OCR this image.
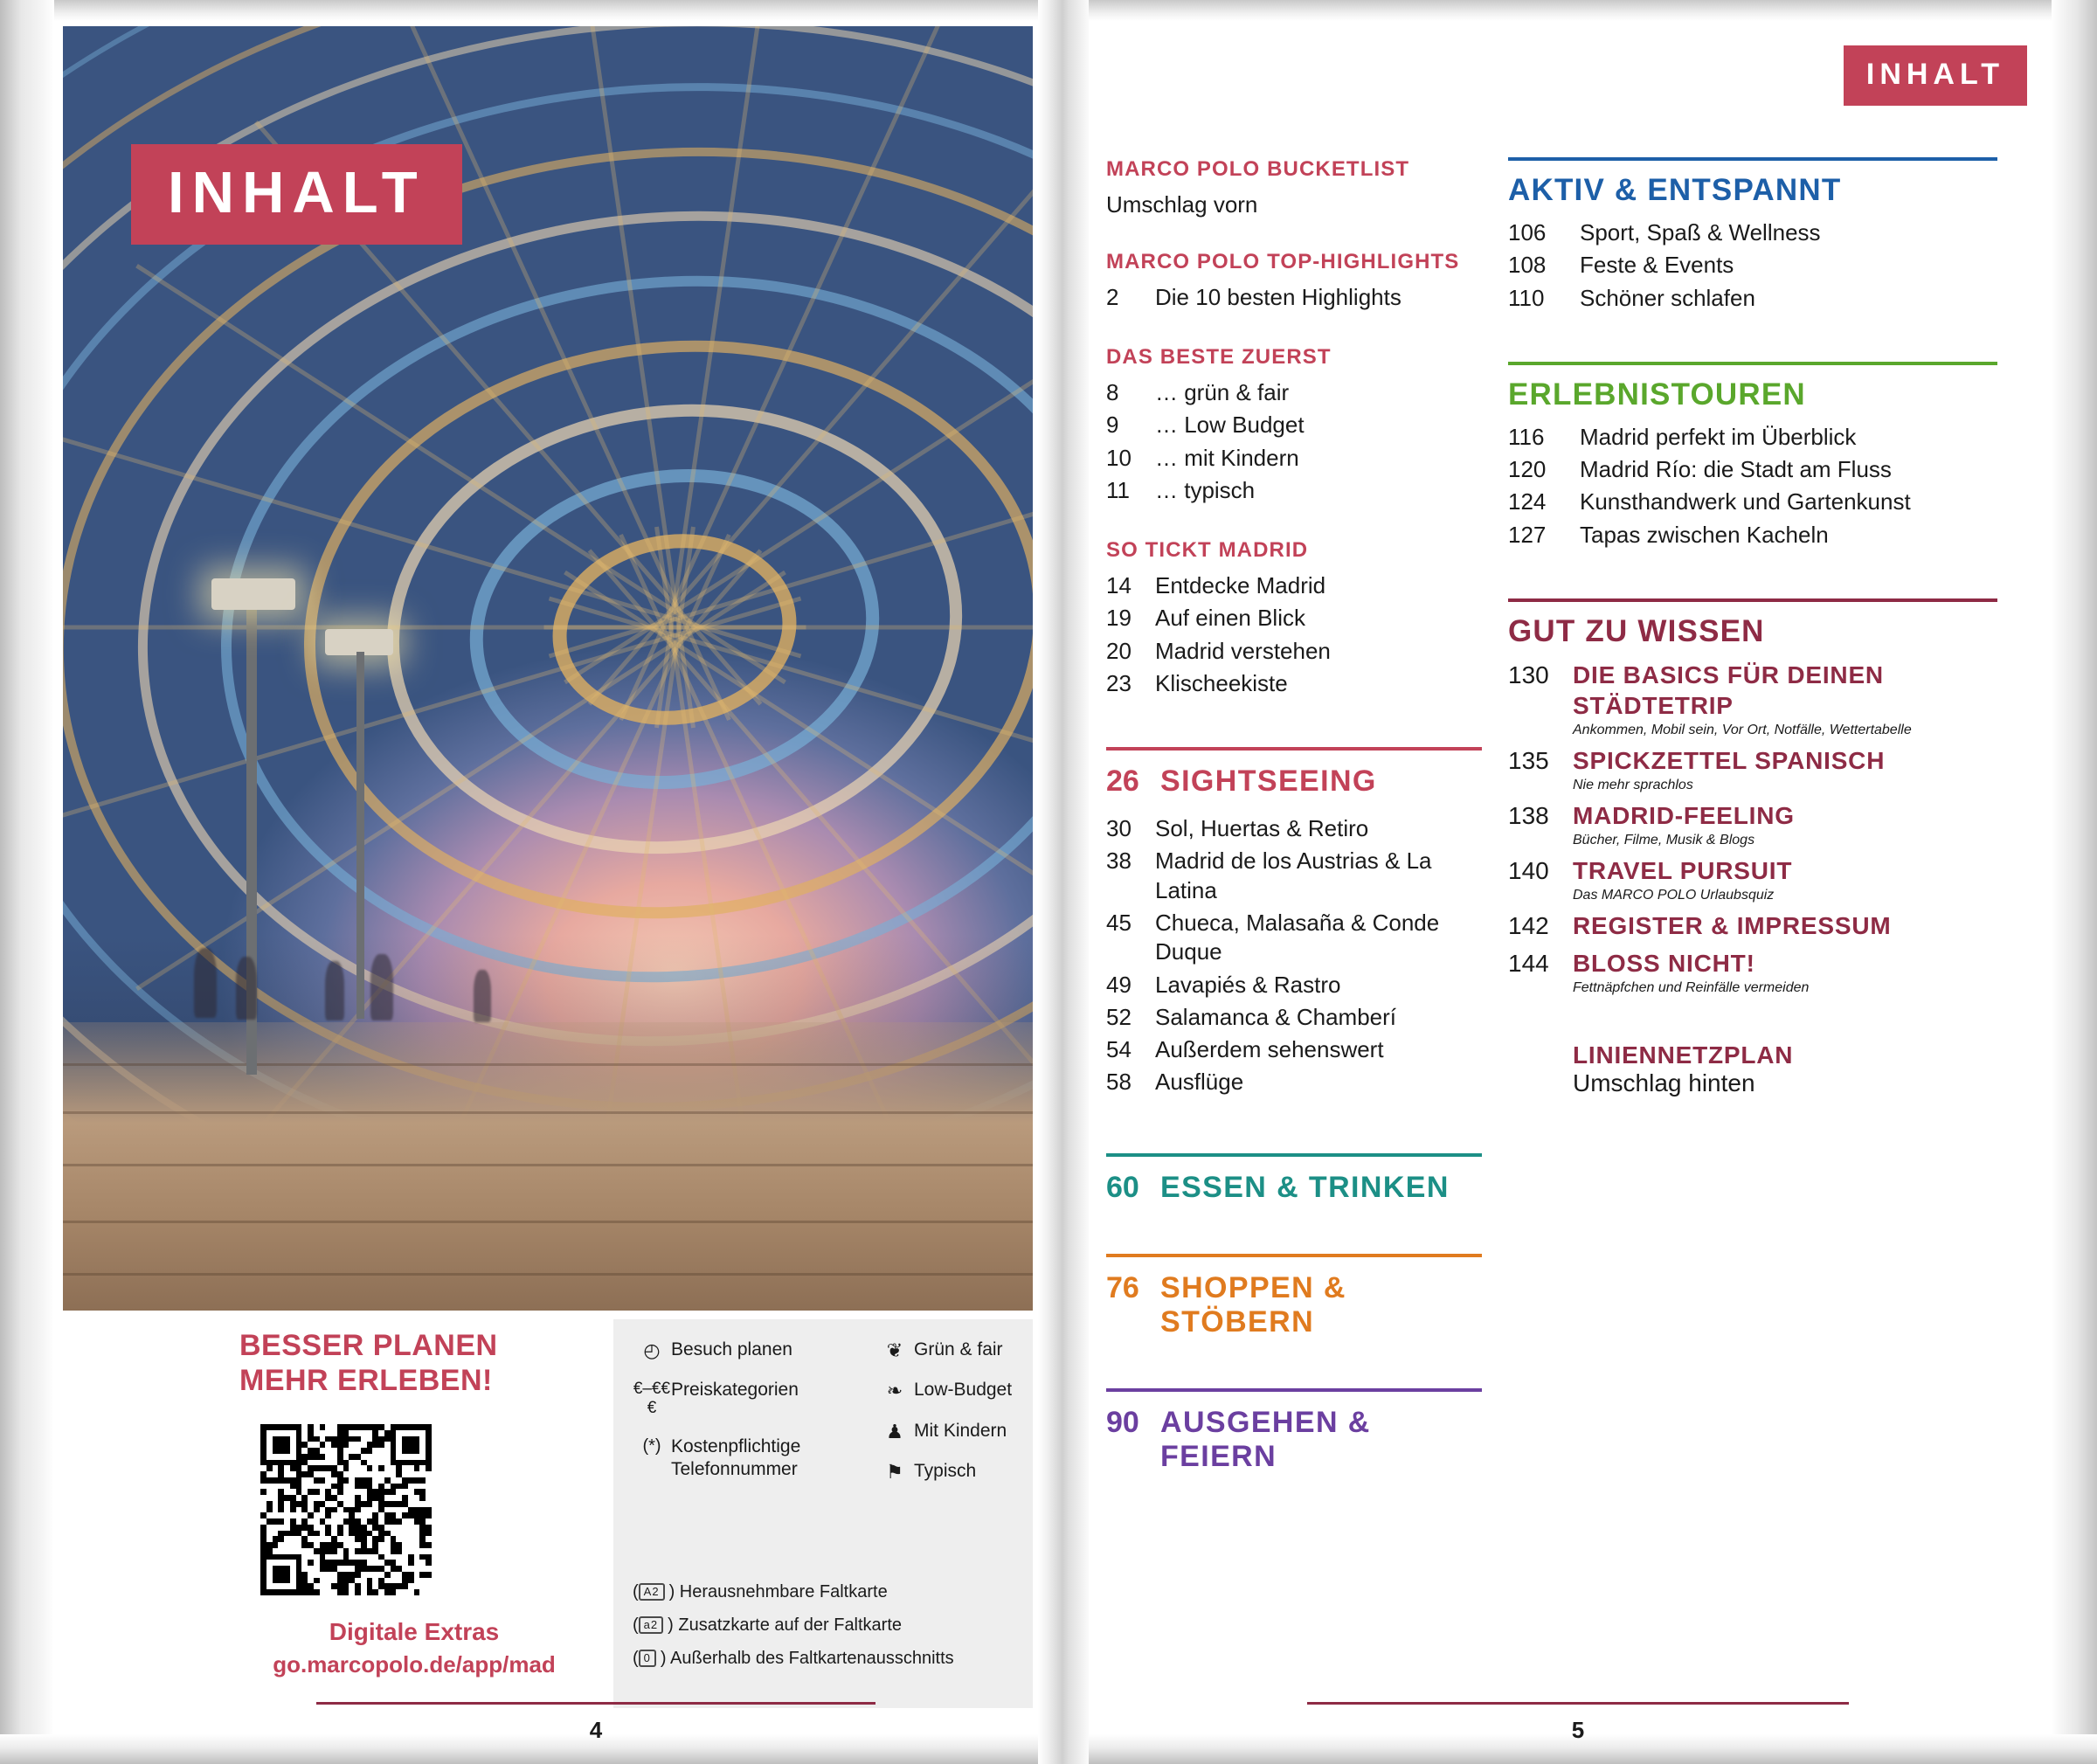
INHALT
BESSER PLANEN
MEHR ERLEBEN!
Digitale Extras
go.marcopolo.de/app/mad
◴ Besuch planen
€–€€€
Preiskategorien
(*) Kostenpflichtige Telefonnummer
❦ Grün & fair
❧ Low-Budget
♟ Mit Kindern
⚑ Typisch
( A2 ) Herausnehmbare Faltkarte
( a2 ) Zusatzkarte auf der Faltkarte
( 0 ) Außerhalb des Faltkartenausschnitts
4
INHALT
MARCO POLO BUCKETLIST
Umschlag vorn
MARCO POLO TOP-HIGHLIGHTS
2	Die 10 besten Highlights
DAS BESTE ZUERST
8	… grün & fair
9	… Low Budget
10	… mit Kindern
11	… typisch
SO TICKT MADRID
14	Entdecke Madrid
19	Auf einen Blick
20	Madrid verstehen
23	Klischeekiste
26 SIGHTSEEING
30	Sol, Huertas & Retiro
38	Madrid de los Austrias & La Latina
45	Chueca, Malasaña & Conde Duque
49	Lavapiés & Rastro
52	Salamanca & Chamberí
54	Außerdem sehenswert
58	Ausflüge
60 ESSEN & TRINKEN
76 SHOPPEN & STÖBERN
90 AUSGEHEN & FEIERN
AKTIV & ENTSPANNT
106	Sport, Spaß & Wellness
108	Feste & Events
110	Schöner schlafen
ERLEBNISTOUREN
116	Madrid perfekt im Überblick
120	Madrid Río: die Stadt am Fluss
124	Kunsthandwerk und Gartenkunst
127	Tapas zwischen Kacheln
GUT ZU WISSEN
130 DIE BASICS FÜR DEINEN STÄDTETRIP
Ankommen, Mobil sein, Vor Ort, Notfälle, Wettertabelle
135 SPICKZETTEL SPANISCH
Nie mehr sprachlos
138 MADRID-FEELING
Bücher, Filme, Musik & Blogs
140 TRAVEL PURSUIT
Das MARCO POLO Urlaubsquiz
142 REGISTER & IMPRESSUM
144 BLOSS NICHT!
Fettnäpfchen und Reinfälle vermeiden
LINIENNETZPLAN
Umschlag hinten
5
